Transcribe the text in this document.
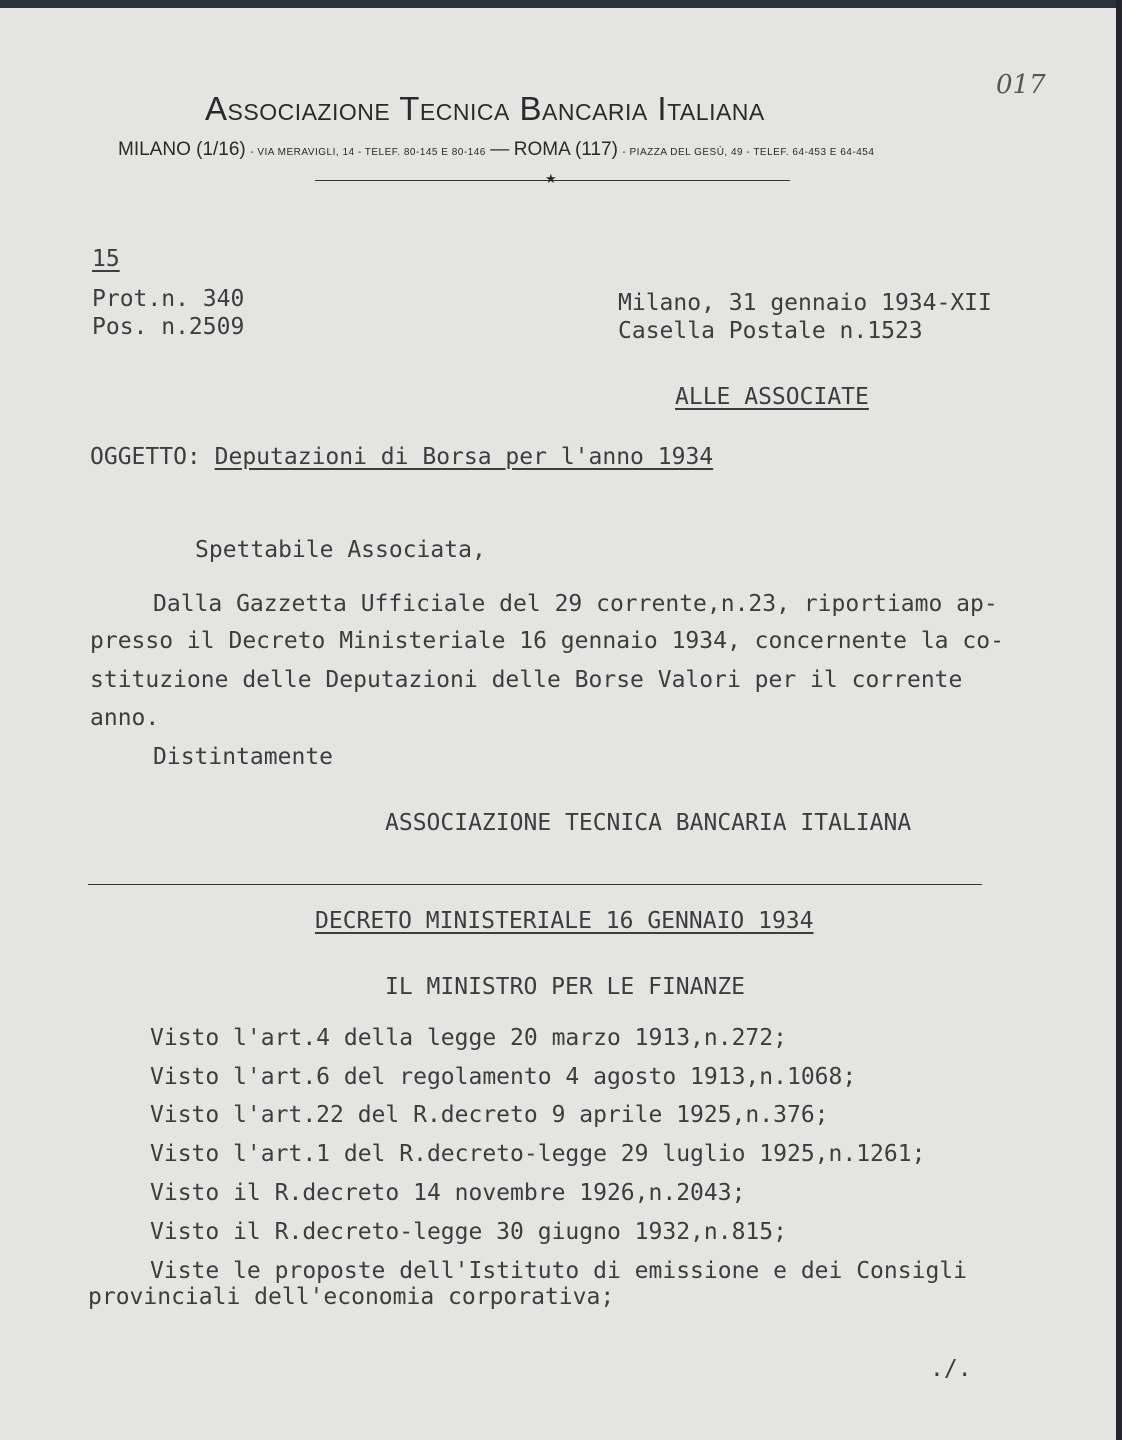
017
Associazione Tecnica Bancaria Italiana
MILANO (1/16) - VIA MERAVIGLI, 14 - TELEF. 80-145 E 80-146 — ROMA (117) - PIAZZA DEL GESÙ, 49 - TELEF. 64-453 E 64-454
★
15
Prot.n. 340
Pos. n.2509
Milano, 31 gennaio 1934-XII
Casella Postale n.1523
ALLE ASSOCIATE
OGGETTO: Deputazioni di Borsa per l'anno 1934
Spettabile Associata,
Dalla Gazzetta Ufficiale del 29 corrente,n.23, riportiamo ap-
presso il Decreto Ministeriale 16 gennaio 1934, concernente la co-
stituzione delle Deputazioni delle Borse Valori per il corrente
anno.
Distintamente
ASSOCIAZIONE TECNICA BANCARIA ITALIANA
DECRETO MINISTERIALE 16 GENNAIO 1934
IL MINISTRO PER LE FINANZE
Visto l'art.4 della legge 20 marzo 1913,n.272;
Visto l'art.6 del regolamento 4 agosto 1913,n.1068;
Visto l'art.22 del R.decreto 9 aprile 1925,n.376;
Visto l'art.1 del R.decreto-legge 29 luglio 1925,n.1261;
Visto il R.decreto 14 novembre 1926,n.2043;
Visto il R.decreto-legge 30 giugno 1932,n.815;
Viste le proposte dell'Istituto di emissione e dei Consigli
provinciali dell'economia corporativa;
./.
